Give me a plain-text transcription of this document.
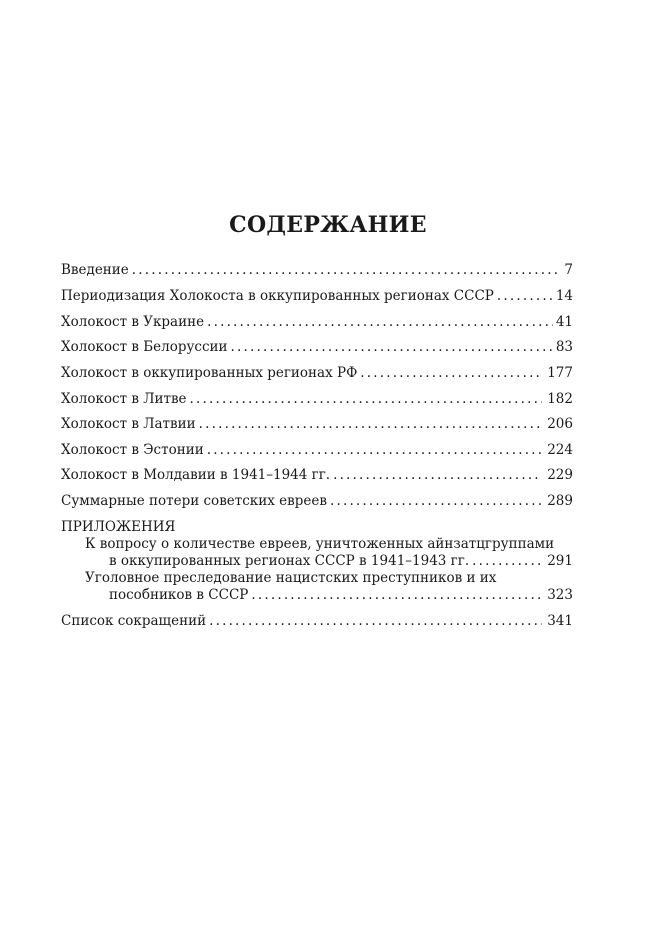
СОДЕРЖАНИЕ
Введение .....	7
Периодизация Холокоста в оккупированных регионах СССР .....	14
Холокост в Украине .....	41
Холокост в Белоруссии .....	83
Холокост в оккупированных регионах РФ .....	177
Холокост в Литве .....	182
Холокост в Латвии .....	206
Холокост в Эстонии .....	224
Холокост в Молдавии в 1941–1944 гг. .....	229
Суммарные потери советских евреев .....	289
ПРИЛОЖЕНИЯ
К вопросу о количестве евреев, уничтоженных айнзатцгруппами
в оккупированных регионах СССР в 1941–1943 гг. .....	291
Уголовное преследование нацистских преступников и их
пособников в СССР .....	323
Список сокращений .....	341
